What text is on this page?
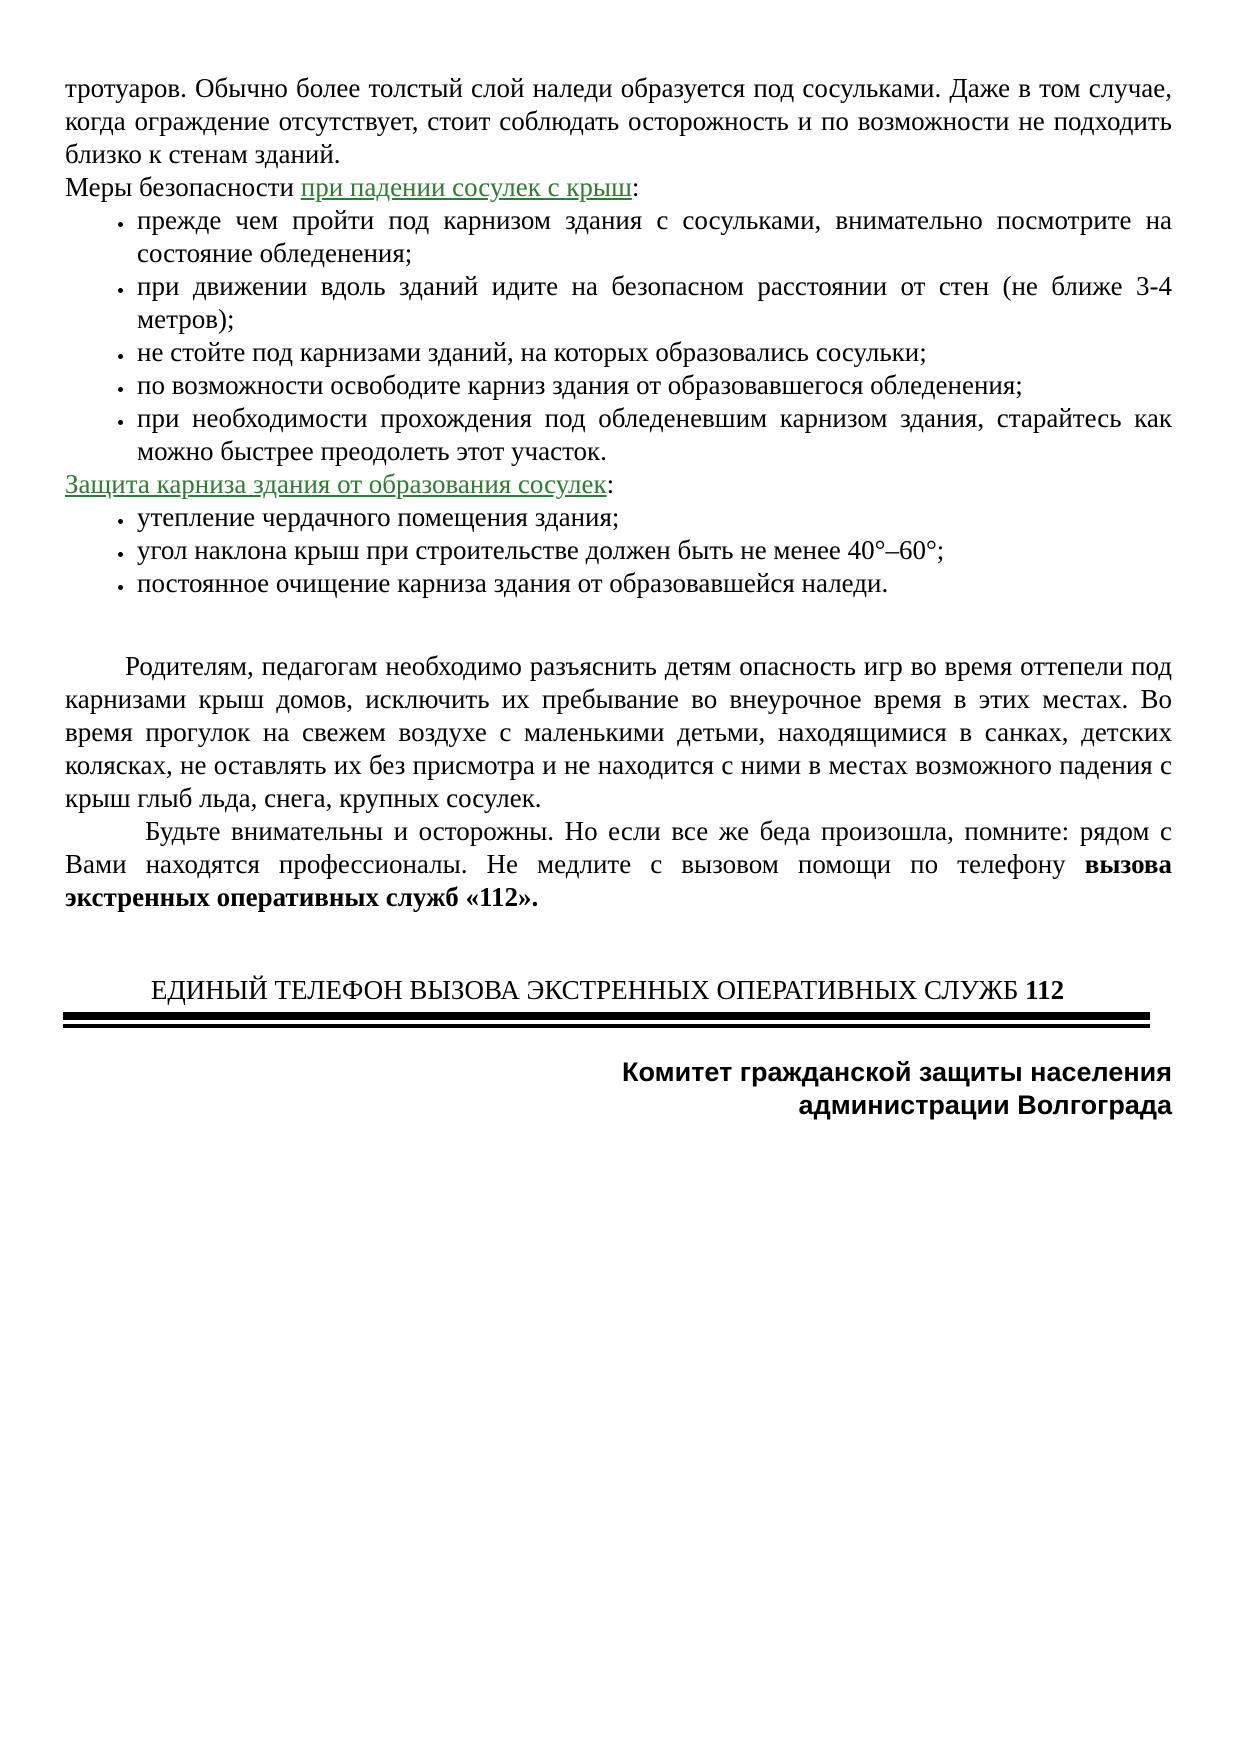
тротуаров. Обычно более толстый слой наледи образуется под сосульками. Даже в том случае, когда ограждение отсутствует, стоит соблюдать осторожность и по возможности не подходить близко к стенам зданий.

Меры безопасности при падении сосулек с крыш:

• прежде чем пройти под карнизом здания с сосульками, внимательно посмотрите на состояние обледенения;
• при движении вдоль зданий идите на безопасном расстоянии от стен (не ближе 3-4 метров);
• не стойте под карнизами зданий, на которых образовались сосульки;
• по возможности освободите карниз здания от образовавшегося обледенения;
• при необходимости прохождения под обледеневшим карнизом здания, старайтесь как можно быстрее преодолеть этот участок.

Защита карниза здания от образования сосулек:

• утепление чердачного помещения здания;
• угол наклона крыш при строительстве должен быть не менее 40°–60°;
• постоянное очищение карниза здания от образовавшейся наледи.

Родителям, педагогам необходимо разъяснить детям опасность игр во время оттепели под карнизами крыш домов, исключить их пребывание во внеурочное время в этих местах. Во время прогулок на свежем воздухе с маленькими детьми, находящимися в санках, детских колясках, не оставлять их без присмотра и не находится с ними в местах возможного падения с крыш глыб льда, снега, крупных сосулек.

Будьте внимательны и осторожны. Но если все же беда произошла, помните: рядом с Вами находятся профессионалы. Не медлите с вызовом помощи по телефону вызова экстренных оперативных служб «112».

ЕДИНЫЙ ТЕЛЕФОН ВЫЗОВА ЭКСТРЕННЫХ ОПЕРАТИВНЫХ СЛУЖБ 112
Комитет гражданской защиты населения
администрации Волгограда
